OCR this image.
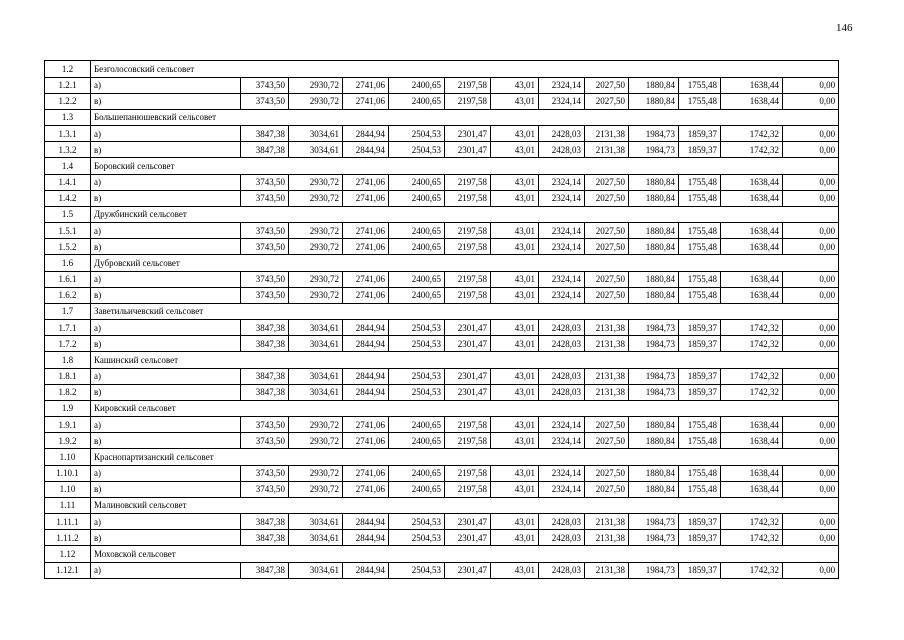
146
1.2	Безголосовский сельсовет												
1.2.1	а)	3743,50	2930,72	2741,06	2400,65	2197,58	43,01	2324,14	2027,50	1880,84	1755,48	1638,44	0,00
1.2.2	в)	3743,50	2930,72	2741,06	2400,65	2197,58	43,01	2324,14	2027,50	1880,84	1755,48	1638,44	0,00
1.3	Большепанюшевский сельсовет												
1.3.1	а)	3847,38	3034,61	2844,94	2504,53	2301,47	43,01	2428,03	2131,38	1984,73	1859,37	1742,32	0,00
1.3.2	в)	3847,38	3034,61	2844,94	2504,53	2301,47	43,01	2428,03	2131,38	1984,73	1859,37	1742,32	0,00
1.4	Боровский сельсовет												
1.4.1	а)	3743,50	2930,72	2741,06	2400,65	2197,58	43,01	2324,14	2027,50	1880,84	1755,48	1638,44	0,00
1.4.2	в)	3743,50	2930,72	2741,06	2400,65	2197,58	43,01	2324,14	2027,50	1880,84	1755,48	1638,44	0,00
1.5	Дружбинский сельсовет												
1.5.1	а)	3743,50	2930,72	2741,06	2400,65	2197,58	43,01	2324,14	2027,50	1880,84	1755,48	1638,44	0,00
1.5.2	в)	3743,50	2930,72	2741,06	2400,65	2197,58	43,01	2324,14	2027,50	1880,84	1755,48	1638,44	0,00
1.6	Дубровский сельсовет												
1.6.1	а)	3743,50	2930,72	2741,06	2400,65	2197,58	43,01	2324,14	2027,50	1880,84	1755,48	1638,44	0,00
1.6.2	в)	3743,50	2930,72	2741,06	2400,65	2197,58	43,01	2324,14	2027,50	1880,84	1755,48	1638,44	0,00
1.7	Заветильичевский сельсовет												
1.7.1	а)	3847,38	3034,61	2844,94	2504,53	2301,47	43,01	2428,03	2131,38	1984,73	1859,37	1742,32	0,00
1.7.2	в)	3847,38	3034,61	2844,94	2504,53	2301,47	43,01	2428,03	2131,38	1984,73	1859,37	1742,32	0,00
1.8	Кашинский сельсовет												
1.8.1	а)	3847,38	3034,61	2844,94	2504,53	2301,47	43,01	2428,03	2131,38	1984,73	1859,37	1742,32	0,00
1.8.2	в)	3847,38	3034,61	2844,94	2504,53	2301,47	43,01	2428,03	2131,38	1984,73	1859,37	1742,32	0,00
1.9	Кировский сельсовет												
1.9.1	а)	3743,50	2930,72	2741,06	2400,65	2197,58	43,01	2324,14	2027,50	1880,84	1755,48	1638,44	0,00
1.9.2	в)	3743,50	2930,72	2741,06	2400,65	2197,58	43,01	2324,14	2027,50	1880,84	1755,48	1638,44	0,00
1.10	Краснопартизанский сельсовет												
1.10.1	а)	3743,50	2930,72	2741,06	2400,65	2197,58	43,01	2324,14	2027,50	1880,84	1755,48	1638,44	0,00
1.10	в)	3743,50	2930,72	2741,06	2400,65	2197,58	43,01	2324,14	2027,50	1880,84	1755,48	1638,44	0,00
1.11	Малиновский сельсовет												
1.11.1	а)	3847,38	3034,61	2844,94	2504,53	2301,47	43,01	2428,03	2131,38	1984,73	1859,37	1742,32	0,00
1.11.2	в)	3847,38	3034,61	2844,94	2504,53	2301,47	43,01	2428,03	2131,38	1984,73	1859,37	1742,32	0,00
1.12	Моховской сельсовет												
1.12.1	а)	3847,38	3034,61	2844,94	2504,53	2301,47	43,01	2428,03	2131,38	1984,73	1859,37	1742,32	0,00
